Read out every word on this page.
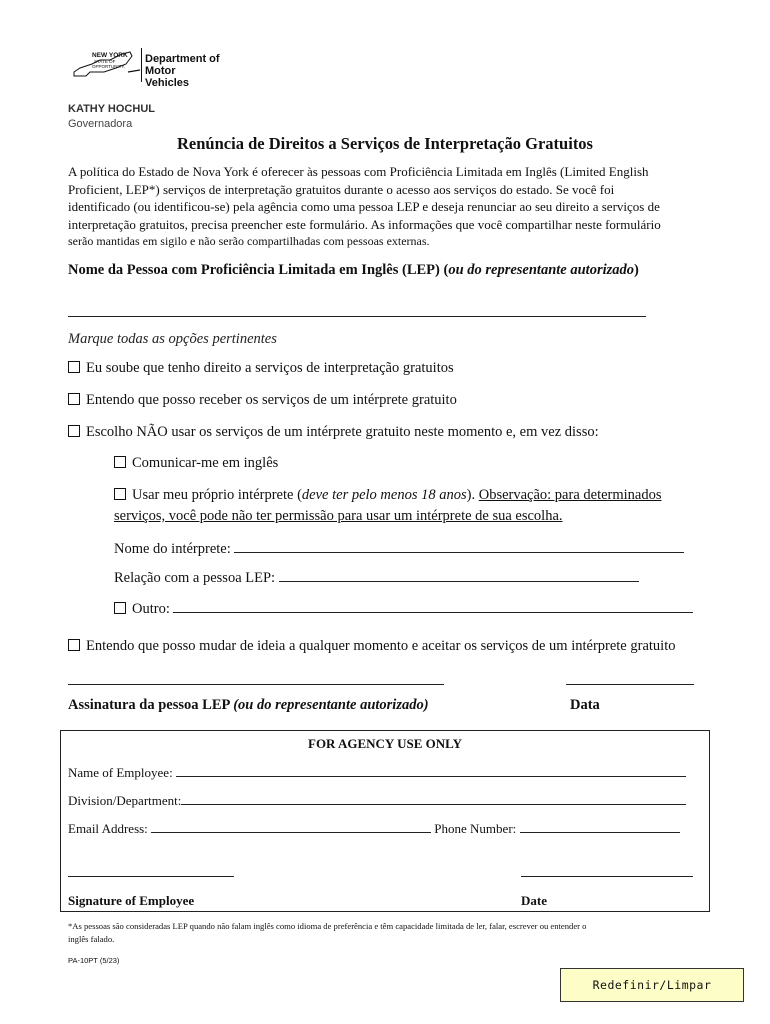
NEW YORK
STATE OF
OPPORTUNITY.
Department of
Motor Vehicles
KATHY HOCHUL
Governadora
Renúncia de Direitos a Serviços de Interpretação Gratuitos
A política do Estado de Nova York é oferecer às pessoas com Proficiência Limitada em Inglês (Limited English
Proficient, LEP*) serviços de interpretação gratuitos durante o acesso aos serviços do estado. Se você foi
identificado (ou identificou-se) pela agência como uma pessoa LEP e deseja renunciar ao seu direito a serviços de
interpretação gratuitos, precisa preencher este formulário. As informações que você compartilhar neste formulário
serão mantidas em sigilo e não serão compartilhadas com pessoas externas.
Nome da Pessoa com Proficiência Limitada em Inglês (LEP) (ou do representante autorizado)
Marque todas as opções pertinentes
Eu soube que tenho direito a serviços de interpretação gratuitos
Entendo que posso receber os serviços de um intérprete gratuito
Escolho NÃO usar os serviços de um intérprete gratuito neste momento e, em vez disso:
Comunicar-me em inglês
Usar meu próprio intérprete (deve ter pelo menos 18 anos). Observação: para determinados
serviços, você pode não ter permissão para usar um intérprete de sua escolha.
Nome do intérprete:
Relação com a pessoa LEP:
Outro:
Entendo que posso mudar de ideia a qualquer momento e aceitar os serviços de um intérprete gratuito
Assinatura da pessoa LEP (ou do representante autorizado)	Data
FOR AGENCY USE ONLY
Name of Employee:
Division/Department:
Email Address:	Phone Number:
Signature of Employee	Date
*As pessoas são consideradas LEP quando não falam inglês como idioma de preferência e têm capacidade limitada de ler, falar, escrever ou entender o
inglês falado.
PA-10PT (5/23)
Redefinir/Limpar
